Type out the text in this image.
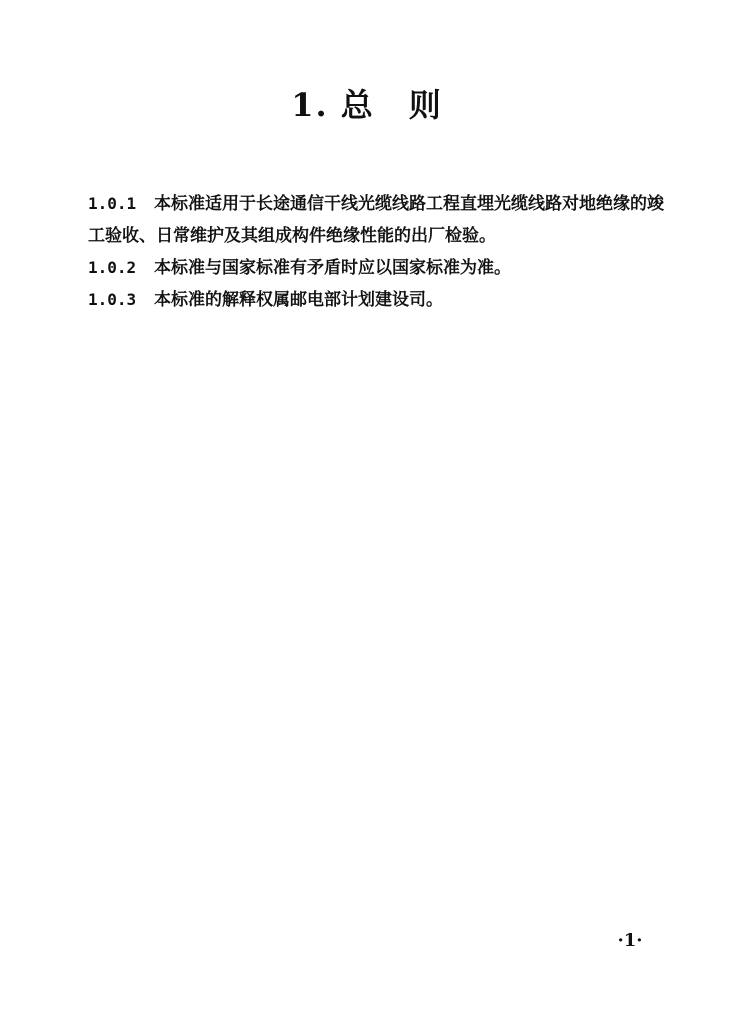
1. 总 则

1.0.1 本标准适用于长途通信干线光缆线路工程直埋光缆线路对地绝缘的竣工验收、日常维护及其组成构件绝缘性能的出厂检验。

1.0.2 本标准与国家标准有矛盾时应以国家标准为准。

1.0.3 本标准的解释权属邮电部计划建设司。

·1·
